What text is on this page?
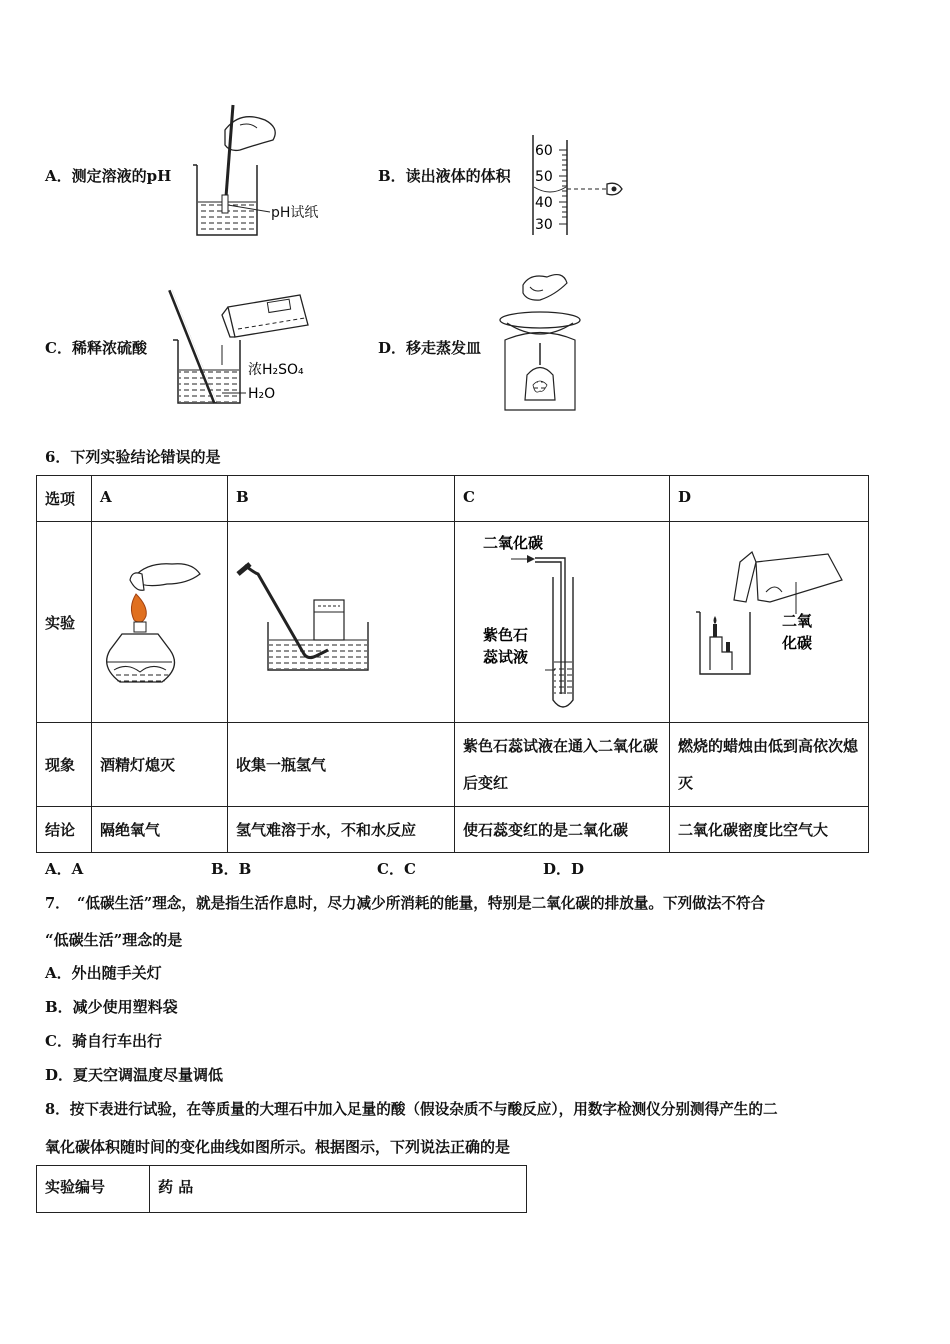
A．测定溶液的pH
pH试纸
B．读出液体的体积
60
50
40
30
C．稀释浓硫酸
浓H₂SO₄
H₂O
D．移走蒸发皿
6．下列实验结论错误的是
选项	A	B	C	D
实验			二氧化碳
紫色石
蕊试液	二氧
化碳

现象	酒精灯熄灭	收集一瓶氢气	紫色石蕊试液在通入二氧化碳后变红	燃烧的蜡烛由低到高依次熄灭
结论	隔绝氧气	氢气难溶于水，不和水反应	使石蕊变红的是二氧化碳	二氧化碳密度比空气大
A．A	B．B	C．C	D．D
7．　“低碳生活”理念，就是指生活作息时，尽力减少所消耗的能量，特别是二氧化碳的排放量。下列做法不符合
“低碳生活”理念的是
A．外出随手关灯
B．减少使用塑料袋
C．骑自行车出行
D．夏天空调温度尽量调低
8．按下表进行试验，在等质量的大理石中加入足量的酸（假设杂质不与酸反应），用数字检测仪分别测得产生的二
氧化碳体积随时间的变化曲线如图所示。根据图示，下列说法正确的是
实验编号	药 品
